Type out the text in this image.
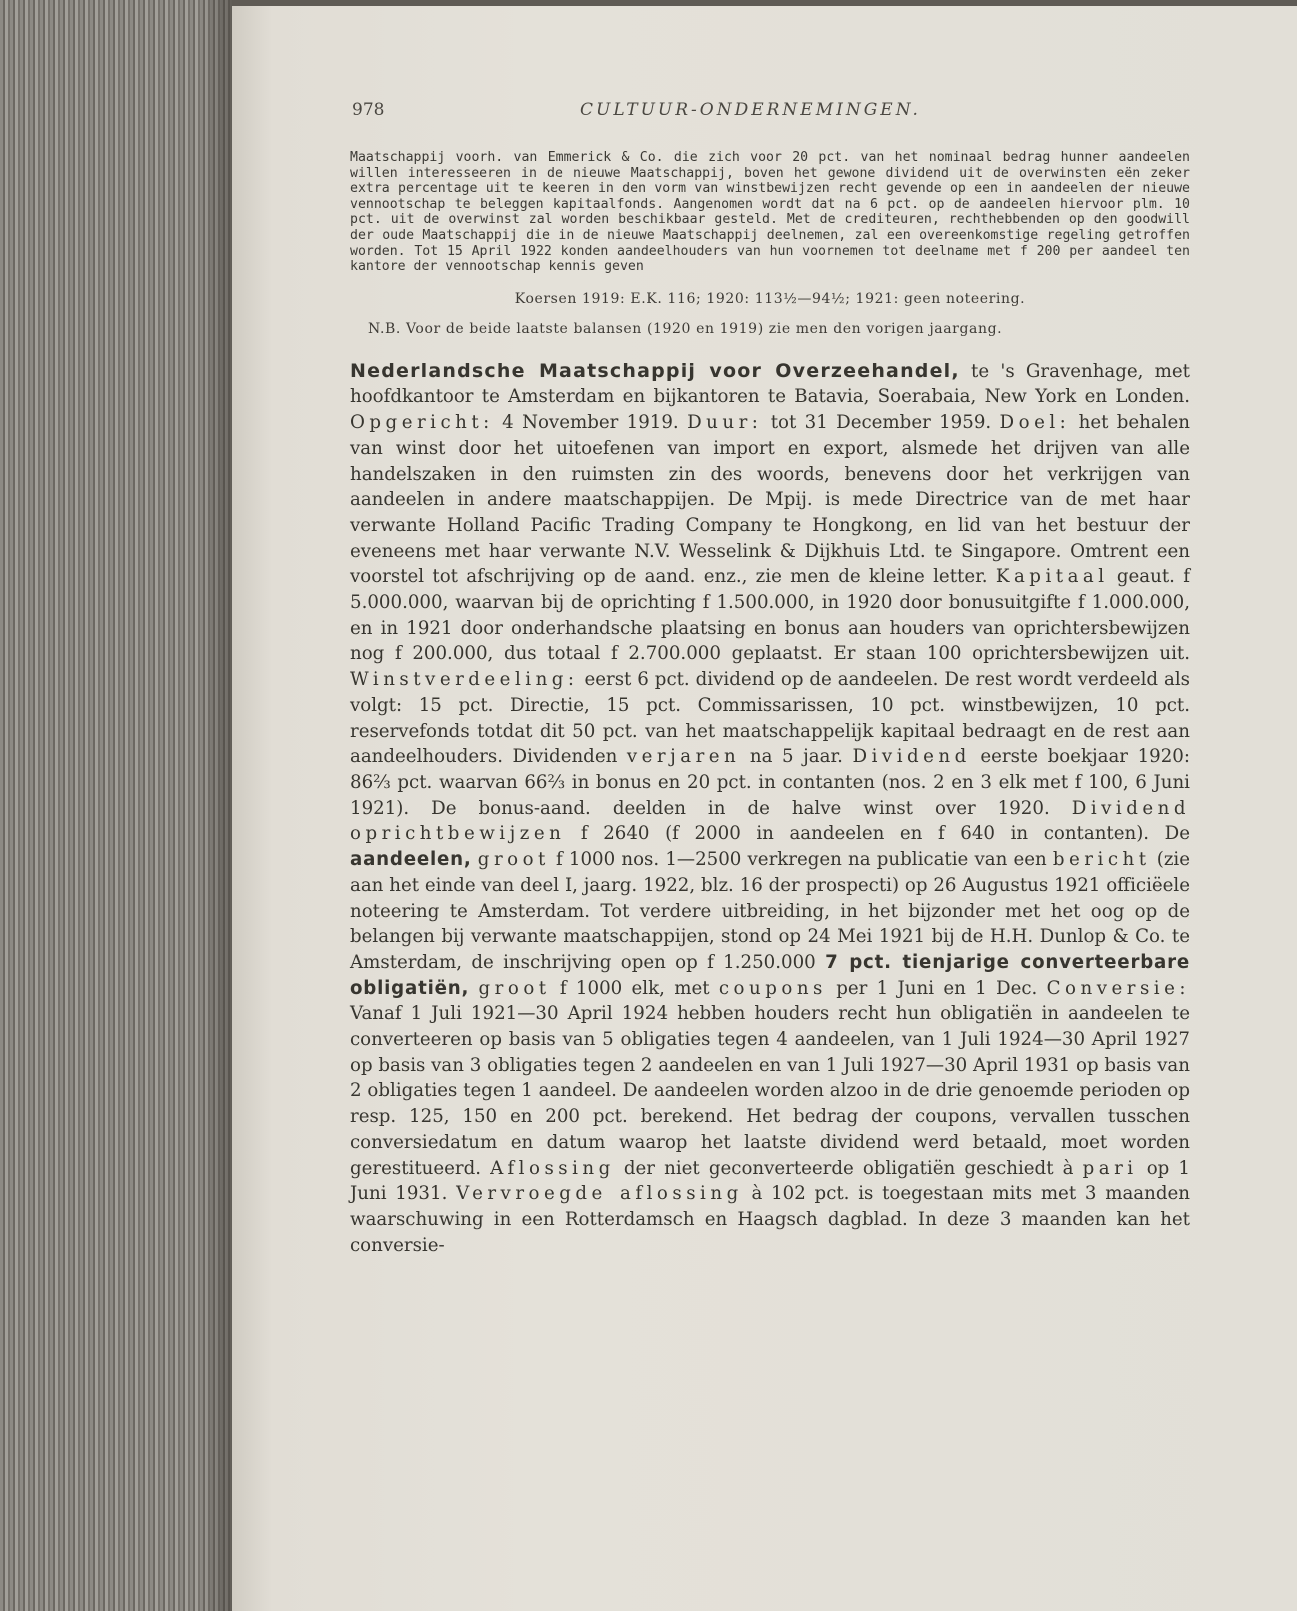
978	CULTUUR-ONDERNEMINGEN.

Maatschappij voorh. van Emmerick & Co. die zich voor 20 pct. van het nominaal bedrag hunner aandeelen willen interesseeren in de nieuwe Maatschappij, boven het gewone dividend uit de overwinsten eën zeker extra percentage uit te keeren in den vorm van winstbewijzen recht gevende op een in aandeelen der nieuwe vennootschap te beleggen kapitaalfonds. Aangenomen wordt dat na 6 pct. op de aandeelen hiervoor plm. 10 pct. uit de overwinst zal worden beschikbaar gesteld. Met de crediteuren, rechthebbenden op den goodwill der oude Maatschappij die in de nieuwe Maatschappij deelnemen, zal een overeenkomstige regeling getroffen worden. Tot 15 April 1922 konden aandeelhouders van hun voornemen tot deelname met f 200 per aandeel ten kantore der vennootschap kennis geven

Koersen 1919: E.K. 116; 1920: 113½—94½; 1921: geen noteering.

N.B. Voor de beide laatste balansen (1920 en 1919) zie men den vorigen jaargang.

Nederlandsche Maatschappij voor Overzeehandel, te 's Gravenhage, met hoofdkantoor te Amsterdam en bijkantoren te Batavia, Soerabaia, New York en Londen. Opgericht: 4 November 1919. Duur: tot 31 December 1959. Doel: het behalen van winst door het uitoefenen van import en export, alsmede het drijven van alle handelszaken in den ruimsten zin des woords, benevens door het verkrijgen van aandeelen in andere maatschappijen. De Mpij. is mede Directrice van de met haar verwante Holland Pacific Trading Company te Hongkong, en lid van het bestuur der eveneens met haar verwante N.V. Wesselink & Dijkhuis Ltd. te Singapore. Omtrent een voorstel tot afschrijving op de aand. enz., zie men de kleine letter. Kapitaal geaut. f 5.000.000, waarvan bij de oprichting f 1.500.000, in 1920 door bonusuitgifte f 1.000.000, en in 1921 door onderhandsche plaatsing en bonus aan houders van oprichtersbewijzen nog f 200.000, dus totaal f 2.700.000 geplaatst. Er staan 100 oprichtersbewijzen uit. Winstverdeeling: eerst 6 pct. dividend op de aandeelen. De rest wordt verdeeld als volgt: 15 pct. Directie, 15 pct. Commissarissen, 10 pct. winstbewijzen, 10 pct. reservefonds totdat dit 50 pct. van het maatschappelijk kapitaal bedraagt en de rest aan aandeelhouders. Dividenden verjaren na 5 jaar. Dividend eerste boekjaar 1920: 86⅔ pct. waarvan 66⅔ in bonus en 20 pct. in contanten (nos. 2 en 3 elk met f 100, 6 Juni 1921). De bonus-aand. deelden in de halve winst over 1920. Dividend oprichtbewijzen f 2640 (f 2000 in aandeelen en f 640 in contanten). De aandeelen, groot f 1000 nos. 1—2500 verkregen na publicatie van een bericht (zie aan het einde van deel I, jaarg. 1922, blz. 16 der prospecti) op 26 Augustus 1921 officiëele noteering te Amsterdam. Tot verdere uitbreiding, in het bijzonder met het oog op de belangen bij verwante maatschappijen, stond op 24 Mei 1921 bij de H.H. Dunlop & Co. te Amsterdam, de inschrijving open op f 1.250.000 7 pct. tienjarige converteerbare obligatiën, groot f 1000 elk, met coupons per 1 Juni en 1 Dec. Conversie: Vanaf 1 Juli 1921—30 April 1924 hebben houders recht hun obligatiën in aandeelen te converteeren op basis van 5 obligaties tegen 4 aandeelen, van 1 Juli 1924—30 April 1927 op basis van 3 obligaties tegen 2 aandeelen en van 1 Juli 1927—30 April 1931 op basis van 2 obligaties tegen 1 aandeel. De aandeelen worden alzoo in de drie genoemde perioden op resp. 125, 150 en 200 pct. berekend. Het bedrag der coupons, vervallen tusschen conversiedatum en datum waarop het laatste dividend werd betaald, moet worden gerestitueerd. Aflossing der niet geconverteerde obligatiën geschiedt à pari op 1 Juni 1931. Vervroegde aflossing à 102 pct. is toegestaan mits met 3 maanden waarschuwing in een Rotterdamsch en Haagsch dagblad. In deze 3 maanden kan het conversie-
